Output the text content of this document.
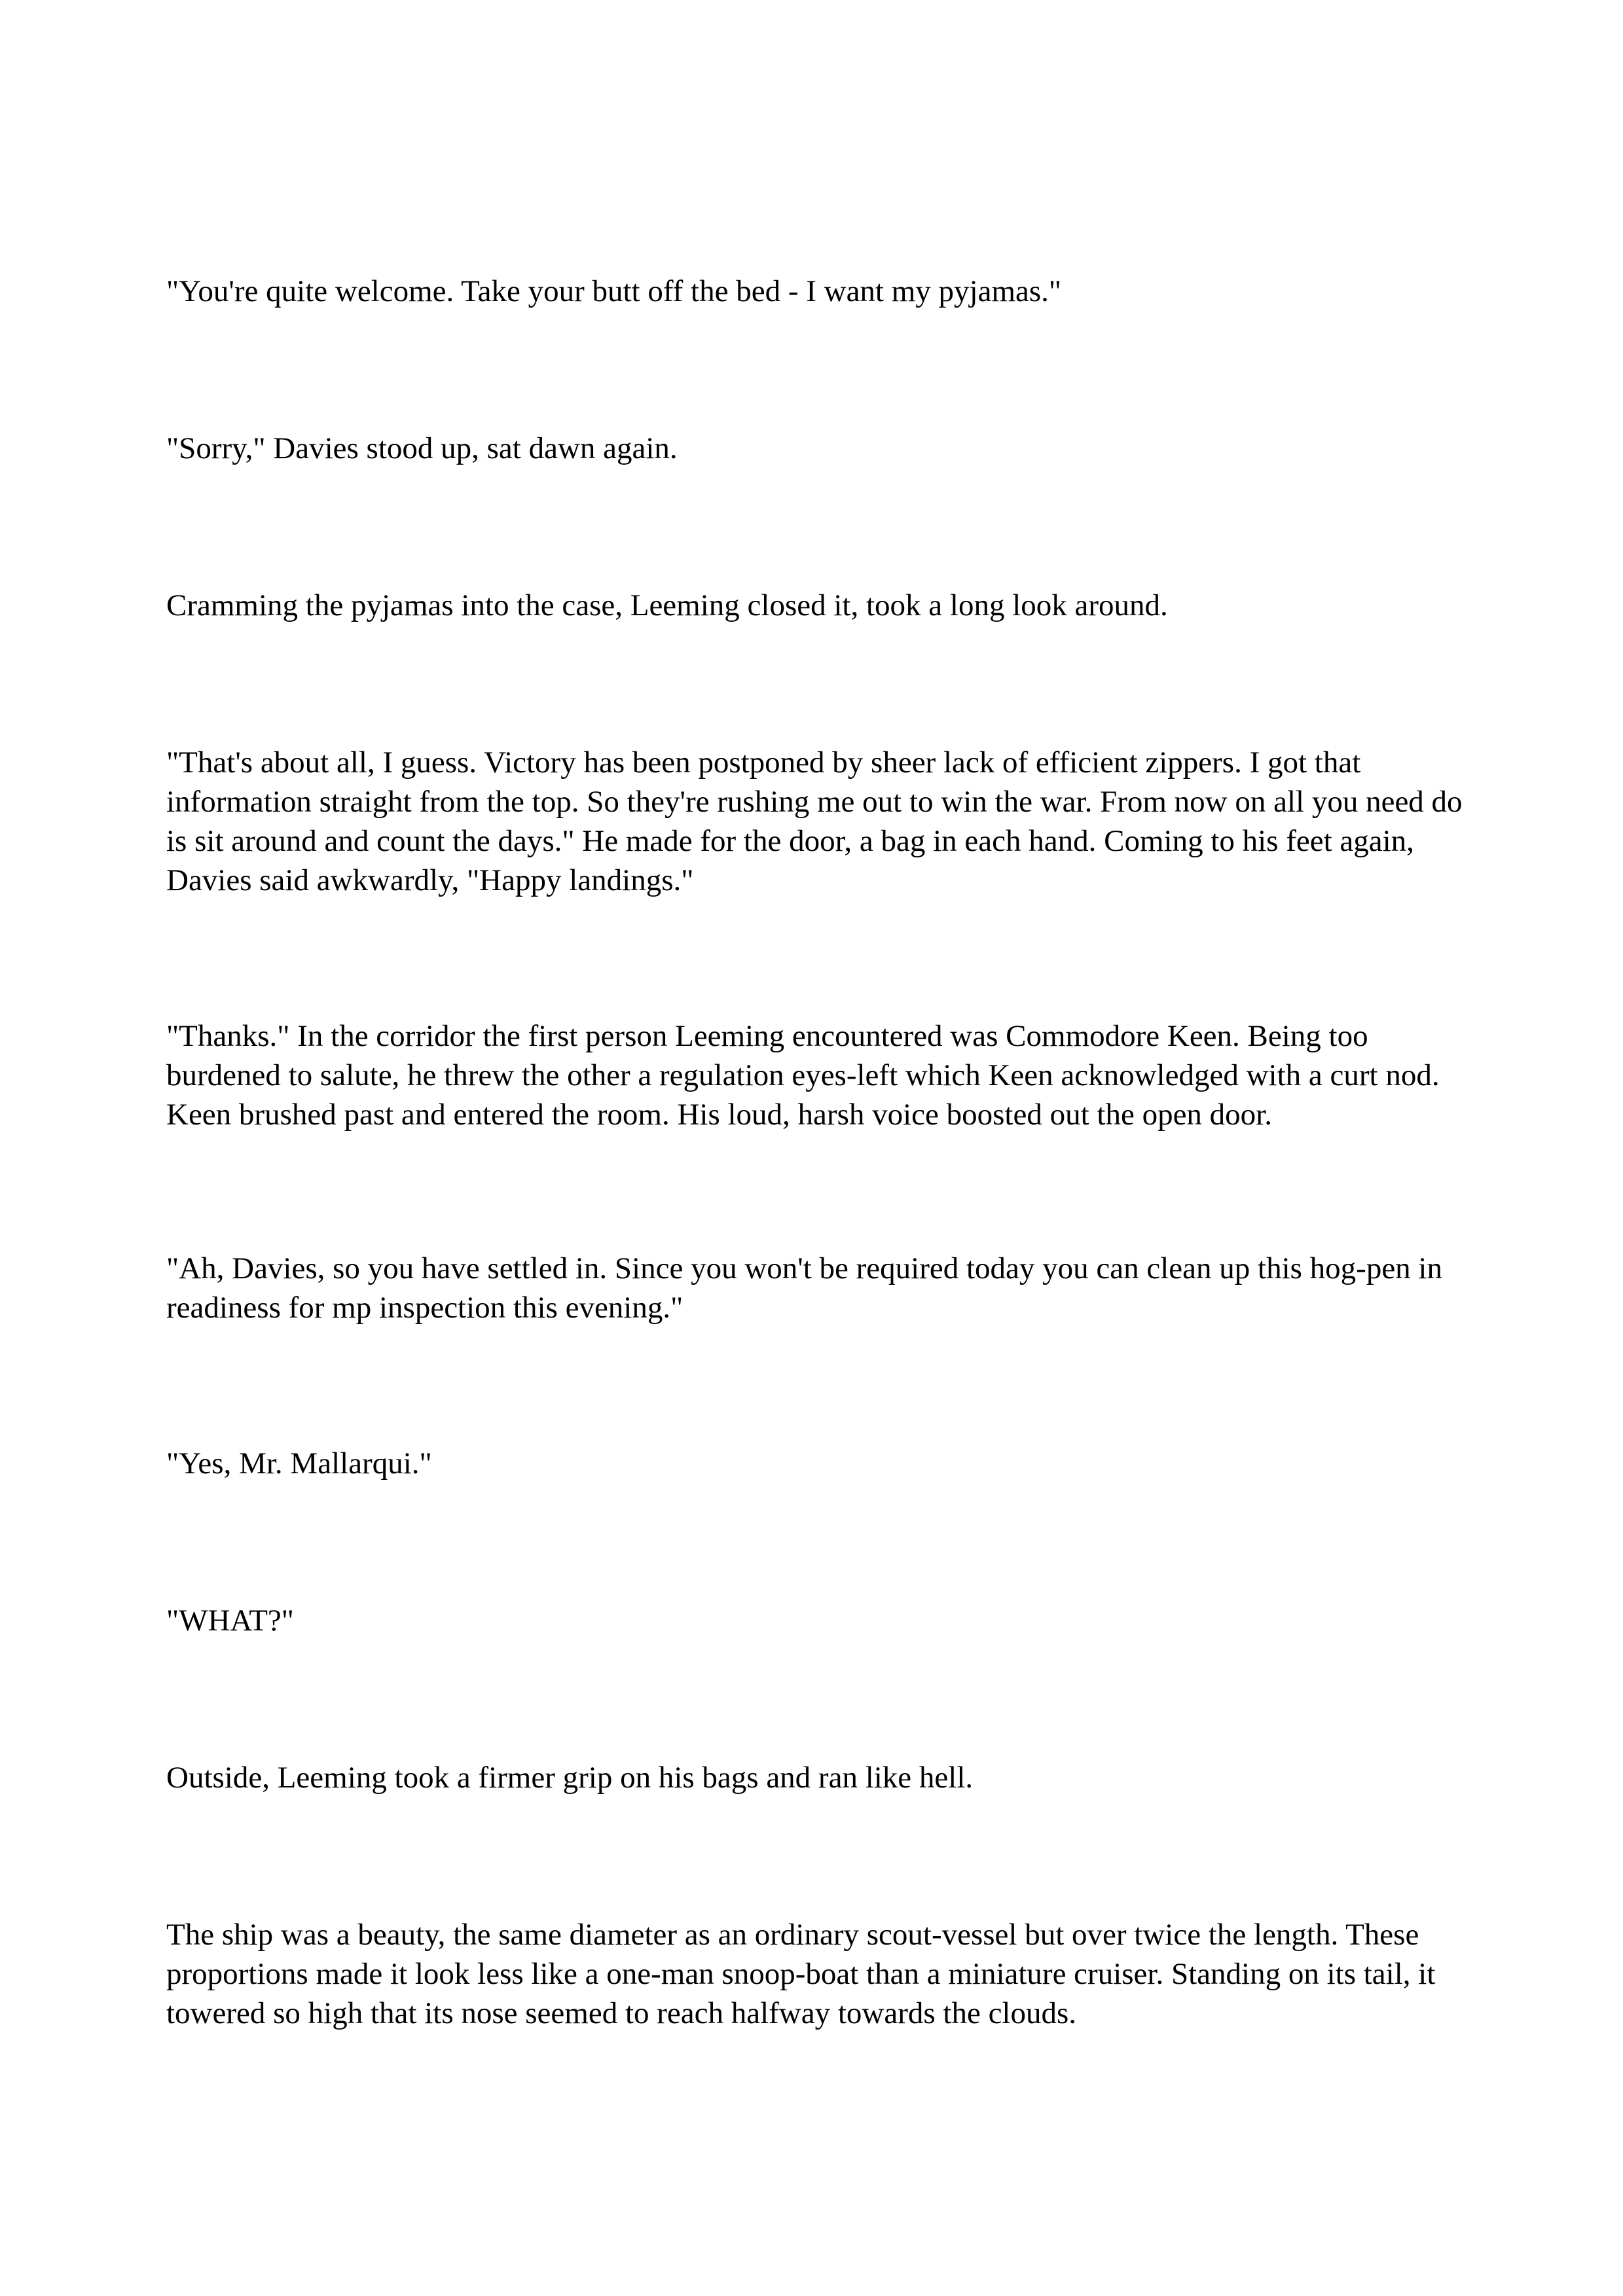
"You're quite welcome. Take your butt off the bed - I want my pyjamas."

"Sorry," Davies stood up, sat dawn again.

Cramming the pyjamas into the case, Leeming closed it, took a long look around.

"That's about all, I guess. Victory has been postponed by sheer lack of efficient zippers. I got that
information straight from the top. So they're rushing me out to win the war. From now on all you need do
is sit around and count the days." He made for the door, a bag in each hand. Coming to his feet again,
Davies said awkwardly, "Happy landings."

"Thanks." In the corridor the first person Leeming encountered was Commodore Keen. Being too
burdened to salute, he threw the other a regulation eyes-left which Keen acknowledged with a curt nod.
Keen brushed past and entered the room. His loud, harsh voice boosted out the open door.

"Ah, Davies, so you have settled in. Since you won't be required today you can clean up this hog-pen in
readiness for mp inspection this evening."

"Yes, Mr. Mallarqui."

"WHAT?"

Outside, Leeming took a firmer grip on his bags and ran like hell.

The ship was a beauty, the same diameter as an ordinary scout-vessel but over twice the length. These
proportions made it look less like a one-man snoop-boat than a miniature cruiser. Standing on its tail, it
towered so high that its nose seemed to reach halfway towards the clouds.
